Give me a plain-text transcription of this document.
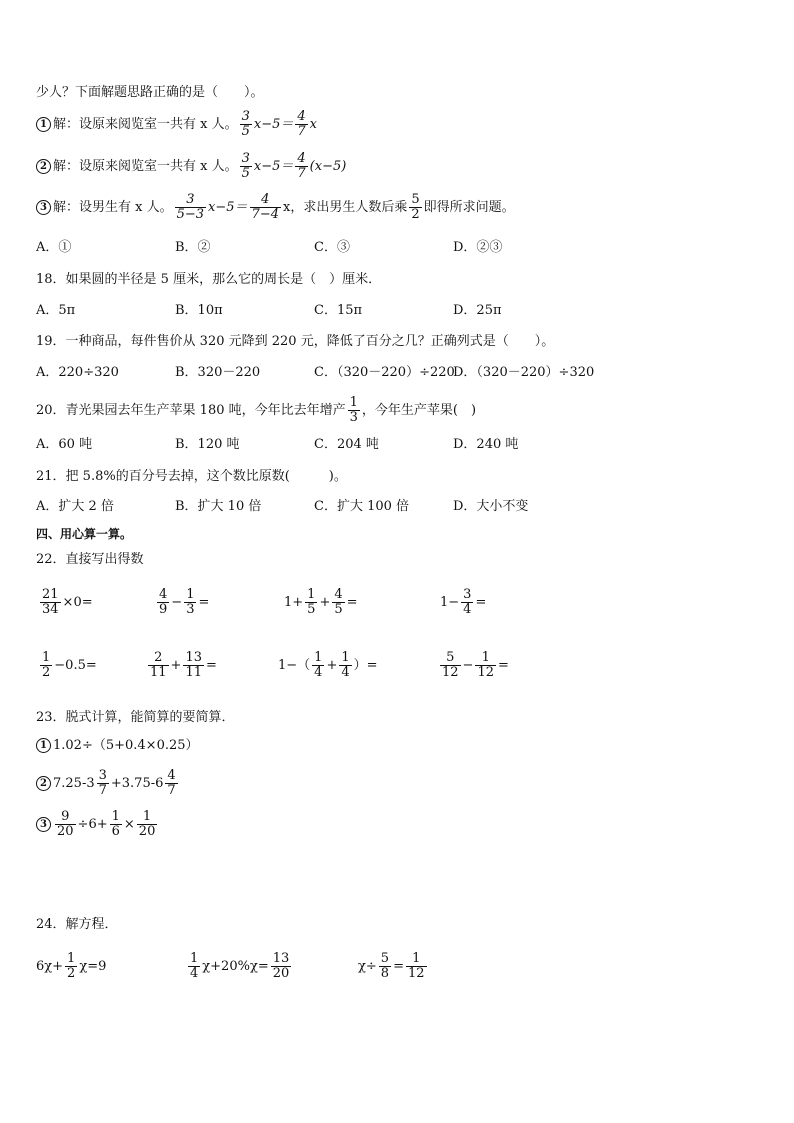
少人？下面解题思路正确的是（　　）。
1 解：设原来阅览室一共有 x 人。 $\frac{3}{5} x-5= \frac{4}{7}$ x
2 解：设原来阅览室一共有 x 人。 $\frac{3}{5} x-5= \frac{4}{7} (x-5)$
3 解：设男生有 x 人。 $\frac{3}{5-3} x-5= \frac{4}{7-4}$ x，求出男生人数后乘 $\frac{5}{2}$ 即得所求问题。
A．①	B．②	C．③	D．②③
18．如果圆的半径是 5 厘米，那么它的周长是（　）厘米．
A．5π	B．10π	C．15π	D．25π
19．一种商品，每件售价从 320 元降到 220 元，降低了百分之几？正确列式是（　　）。
A．220÷320	B．320－220	C．（320－220）÷220
D．（320－220）÷320
20．青光果园去年生产苹果 180 吨，今年比去年增产 $\frac{1}{3}$ ，今年生产苹果(　)
A．60 吨	B．120 吨	C．204 吨	D．240 吨
21．把 5.8%的百分号去掉，这个数比原数(　　　)。
A．扩大 2 倍	B．扩大 10 倍	C．扩大 100 倍	D．大小不变
四、用心算一算。
22．直接写出得数
$\frac{21}{34} \times 0=$	$\frac{4}{9} - \frac{1}{3}$ =	$1+ \frac{1}{5} + \frac{4}{5}$ =	$1- \frac{3}{4}$ =
$\frac{1}{2} -0.5=$	$\frac{2}{11} + \frac{13}{11}$ =	$1-( \frac{1}{4} + \frac{1}{4}$ ）=	$\frac{5}{12} - \frac{1}{12}$ =
23．脱式计算，能简算的要简算．
1 1.02÷（5+0.4×0.25）
2 $7.25-3 \frac{3}{7} +3.75-6 \frac{4}{7}$
$3 \frac{9}{20} \div 6+ \frac{1}{6} \times \frac{1}{20}$
24．解方程．
$6\chi+ \frac{1}{2} \chi=9$	$\frac{1}{4} \chi+20\%\chi= \frac{13}{20}$	$\chi\div \frac{5}{8} = \frac{1}{12}$
